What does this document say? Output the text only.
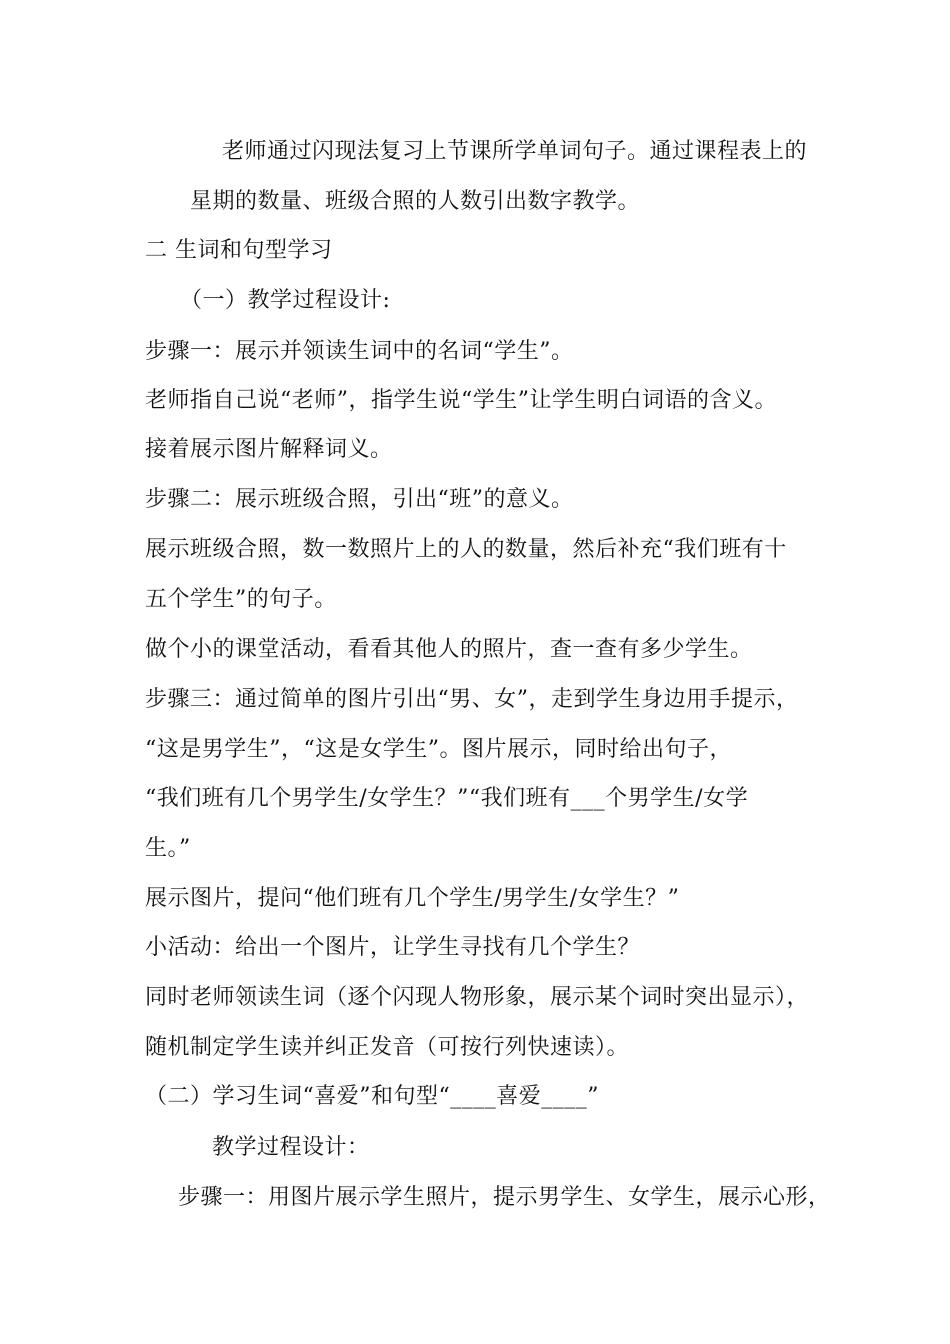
老师通过闪现法复习上节课所学单词句子。通过课程表上的
星期的数量、班级合照的人数引出数字教学。
二 生词和句型学习
（一）教学过程设计:
步骤一：展示并领读生词中的名词“学生”。
老师指自己说“老师”，指学生说“学生”让学生明白词语的含义。
接着展示图片解释词义。
步骤二：展示班级合照，引出“班”的意义。
展示班级合照，数一数照片上的人的数量，然后补充“我们班有十
五个学生”的句子。
做个小的课堂活动，看看其他人的照片，查一查有多少学生。
步骤三：通过简单的图片引出“男、女”，走到学生身边用手提示，
“这是男学生”，“这是女学生”。图片展示，同时给出句子，
“我们班有几个男学生/女学生？”“我们班有___个男学生/女学
生。”
展示图片，提问“他们班有几个学生/男学生/女学生？”
小活动：给出一个图片，让学生寻找有几个学生？
同时老师领读生词（逐个闪现人物形象，展示某个词时突出显示），
随机制定学生读并纠正发音（可按行列快速读）。
（二）学习生词“喜爱”和句型“____喜爱____”
教学过程设计：
步骤一：用图片展示学生照片，提示男学生、女学生，展示心形，
